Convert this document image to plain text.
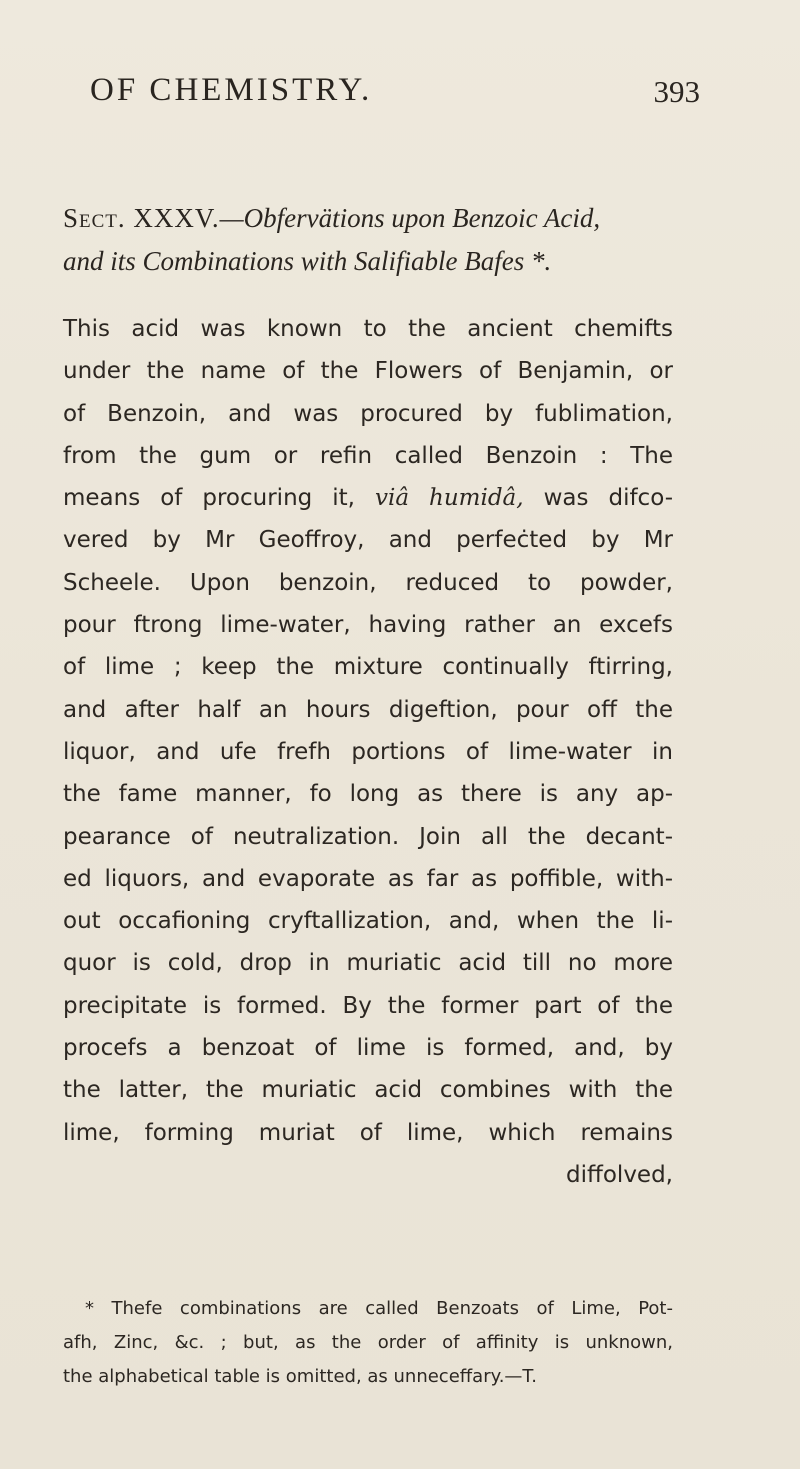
OF CHEMISTRY.	393
Sect. XXXV.—Obfervätions upon Benzoic Acid,
and its Combinations with Salifiable Bafes *.
This acid was known to the ancient chemifts
under the name of the Flowers of Benjamin, or
of Benzoin, and was procured by fublimation,
from the gum or refin called Benzoin : The
means of procuring it, viâ humidâ, was difco-
vered by Mr Geoffroy, and perfeċted by Mr
Scheele. Upon benzoin, reduced to powder,
pour ftrong lime-water, having rather an excefs
of lime ; keep the mixture continually ftirring,
and after half an hours digeftion, pour off the
liquor, and ufe frefh portions of lime-water in
the fame manner, fo long as there is any ap-
pearance of neutralization. Join all the decant-
ed liquors, and evaporate as far as poffible, with-
out occafioning cryftallization, and, when the li-
quor is cold, drop in muriatic acid till no more
precipitate is formed. By the former part of the
procefs a benzoat of lime is formed, and, by
the latter, the muriatic acid combines with the
lime, forming muriat of lime, which remains
diffolved,
* Thefe combinations are called Benzoats of Lime, Pot-
afh, Zinc, &c. ; but, as the order of affinity is unknown,
the alphabetical table is omitted, as unneceffary.—T.
